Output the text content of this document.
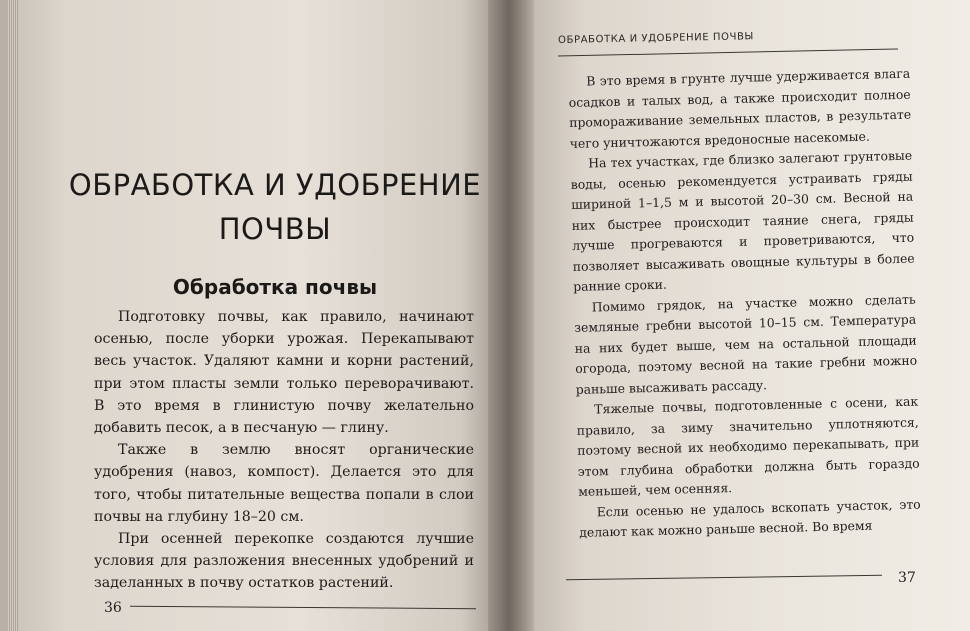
ОБРАБОТКА И УДОБРЕНИЕ
ПОЧВЫ
Обработка почвы

Подготовку почвы, как правило, начинают осенью, после уборки урожая. Перекапывают весь участок. Удаляют камни и корни растений, при этом пласты земли только переворачивают. В это время в глинистую почву желательно добавить песок, а в песчаную — глину.

Также в землю вносят органические удобрения (навоз, компост). Делается это для того, чтобы питательные вещества попали в слои почвы на глубину 18–20 см.

При осенней перекопке создаются лучшие условия для разложения внесенных удобрений и заделанных в почву остатков растений.

36
ОБРАБОТКА И УДОБРЕНИЕ ПОЧВЫ

В это время в грунте лучше удерживается влага осадков и талых вод, а также происходит полное промораживание земельных пластов, в результате чего уничтожаются вредоносные насекомые.

На тех участках, где близко залегают грунтовые воды, осенью рекомендуется устраивать гряды шириной 1–1,5 м и высотой 20–30 см. Весной на них быстрее происходит таяние снега, гряды лучше прогреваются и проветриваются, что позволяет высаживать овощные культуры в более ранние сроки.

Помимо грядок, на участке можно сделать земляные гребни высотой 10–15 см. Температура на них будет выше, чем на остальной площади огорода, поэтому весной на такие гребни можно раньше высаживать рассаду.

Тяжелые почвы, подготовленные с осени, как правило, за зиму значительно уплотняются, поэтому весной их необходимо перекапывать, при этом глубина обработки должна быть гораздо меньшей, чем осенняя.

Если осенью не удалось вскопать участок, это делают как можно раньше весной. Во время

37
